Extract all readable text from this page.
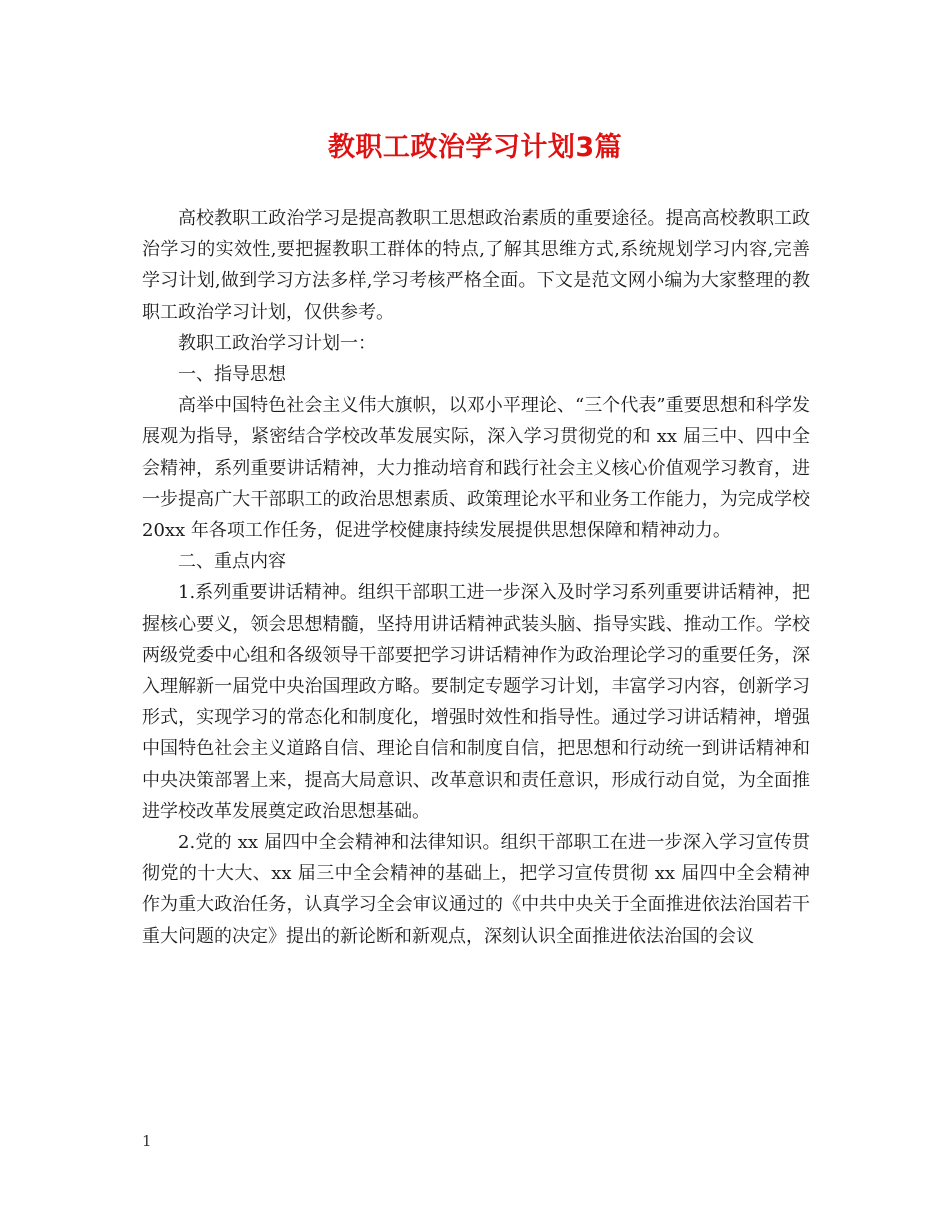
教职工政治学习计划3篇

高校教职工政治学习是提高教职工思想政治素质的重要途径。提高高校教职工政治学习的实效性,要把握教职工群体的特点,了解其思维方式,系统规划学习内容,完善学习计划,做到学习方法多样,学习考核严格全面。下文是范文网小编为大家整理的教职工政治学习计划，仅供参考。

教职工政治学习计划一：

一、指导思想

高举中国特色社会主义伟大旗帜，以邓小平理论、“三个代表”重要思想和科学发展观为指导，紧密结合学校改革发展实际，深入学习贯彻党的和 xx 届三中、四中全会精神，系列重要讲话精神，大力推动培育和践行社会主义核心价值观学习教育，进一步提高广大干部职工的政治思想素质、政策理论水平和业务工作能力，为完成学校 20xx 年各项工作任务，促进学校健康持续发展提供思想保障和精神动力。

二、重点内容

1.系列重要讲话精神。组织干部职工进一步深入及时学习系列重要讲话精神，把握核心要义，领会思想精髓，坚持用讲话精神武装头脑、指导实践、推动工作。学校两级党委中心组和各级领导干部要把学习讲话精神作为政治理论学习的重要任务，深入理解新一届党中央治国理政方略。要制定专题学习计划，丰富学习内容，创新学习形式，实现学习的常态化和制度化，增强时效性和指导性。通过学习讲话精神，增强中国特色社会主义道路自信、理论自信和制度自信，把思想和行动统一到讲话精神和中央决策部署上来，提高大局意识、改革意识和责任意识，形成行动自觉，为全面推进学校改革发展奠定政治思想基础。

2.党的 xx 届四中全会精神和法律知识。组织干部职工在进一步深入学习宣传贯彻党的十大大、xx 届三中全会精神的基础上，把学习宣传贯彻 xx 届四中全会精神作为重大政治任务，认真学习全会审议通过的《中共中央关于全面推进依法治国若干重大问题的决定》提出的新论断和新观点，深刻认识全面推进依法治国的会议

1
